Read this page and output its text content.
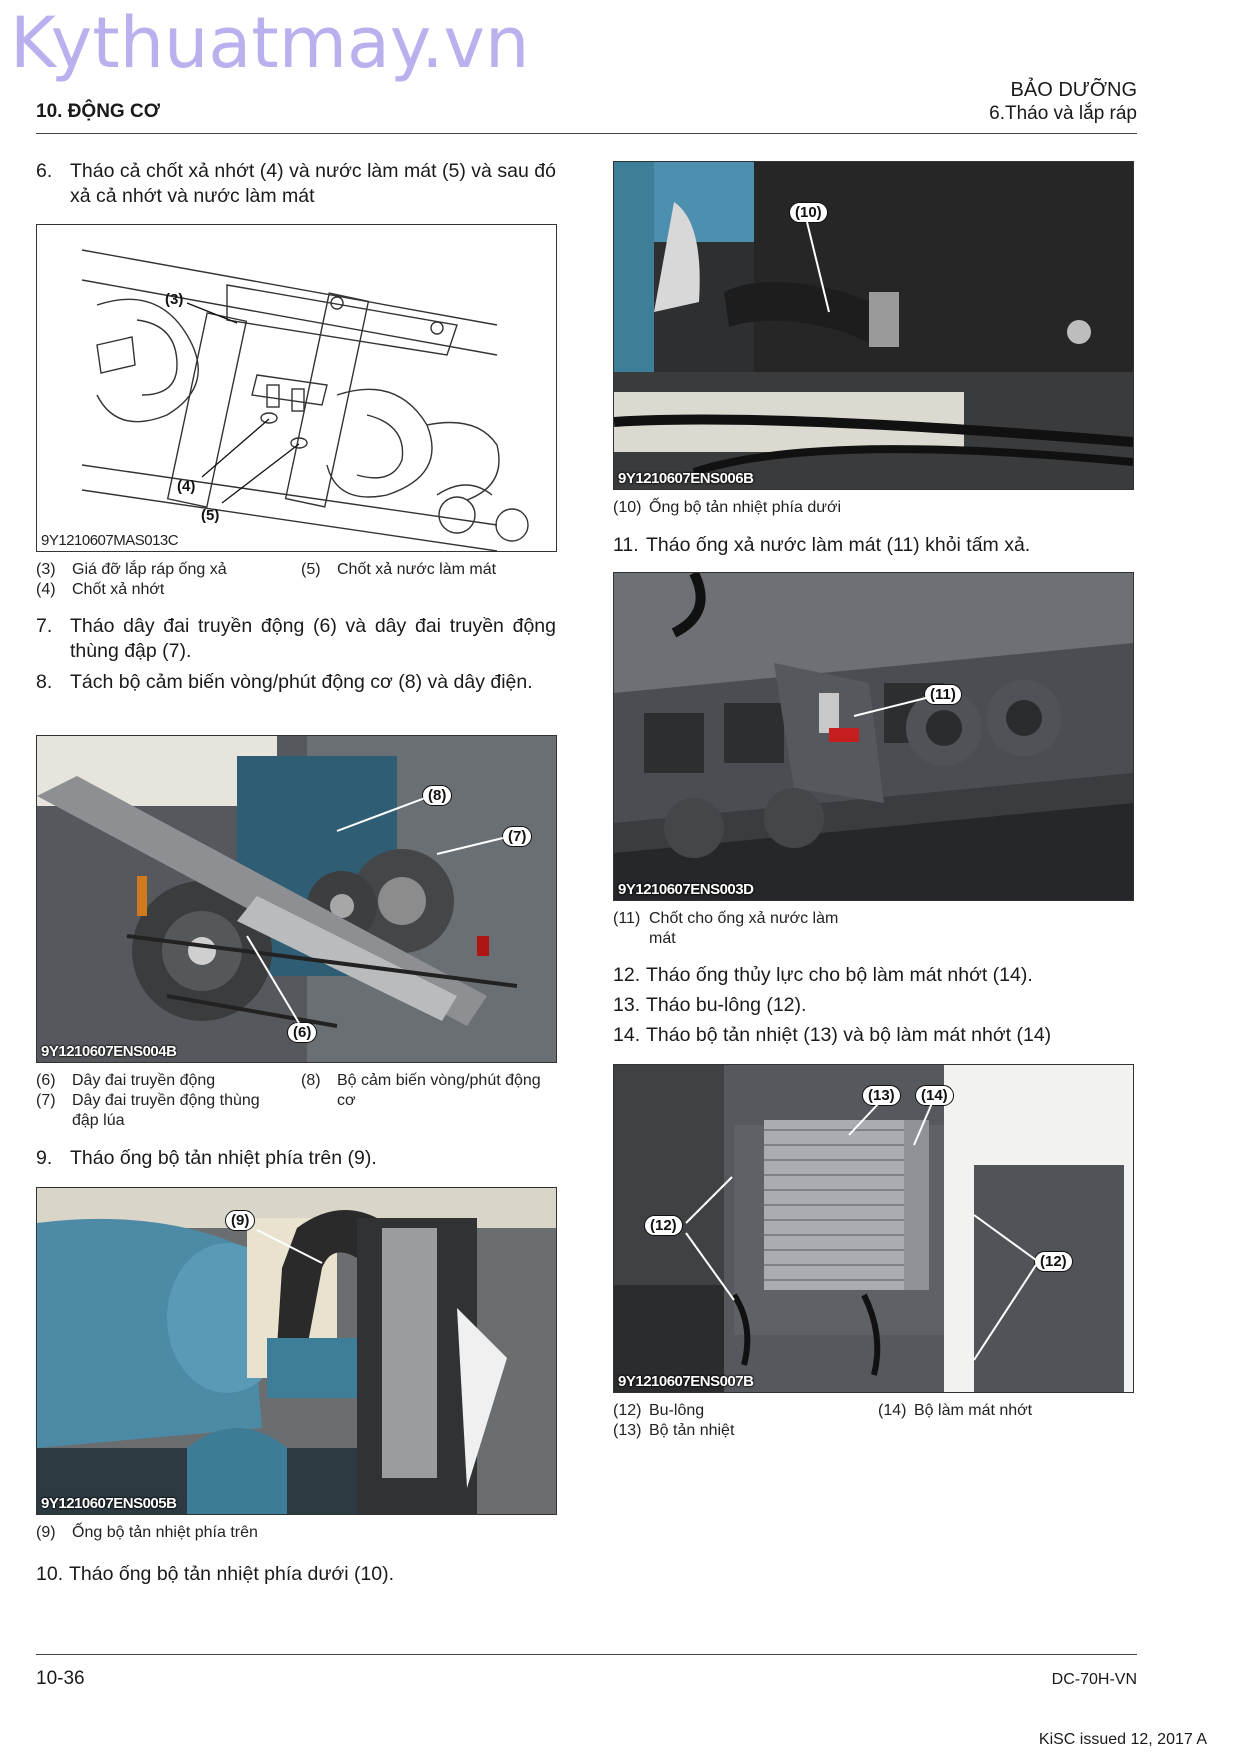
Kythuatmay.vn
10. ĐỘNG CƠ
BẢO DƯỠNG
6.Tháo và lắp ráp
6. Tháo cả chốt xả nhớt (4) và nước làm mát (5) và sau đó xả cả nhớt và nước làm mát
(3)
(4)
(5)
9Y1210607MAS013C
(3) Giá đỡ lắp ráp ống xả
(4) Chốt xả nhớt
(5) Chốt xả nước làm mát
7. Tháo dây đai truyền động (6) và dây đai truyền động thùng đập (7).
8. Tách bộ cảm biến vòng/phút động cơ (8) và dây điện.
(8)
(7)
(6)
9Y1210607ENS004B
(6) Dây đai truyền động
(7)	Dây đai truyền động thùng đập lúa
(8)	Bộ cảm biến vòng/phút động cơ
9. Tháo ống bộ tản nhiệt phía trên (9).
(9)
9Y1210607ENS005B
(9) Ống bộ tản nhiệt phía trên
10. Tháo ống bộ tản nhiệt phía dưới (10).
(10)
9Y1210607ENS006B
(10) Ống bộ tản nhiệt phía dưới
11. Tháo ống xả nước làm mát (11) khỏi tấm xả.
(11)
9Y1210607ENS003D
(11) Chốt cho ống xả nước làm mát
12. Tháo ống thủy lực cho bộ làm mát nhớt (14).
13. Tháo bu-lông (12).
14. Tháo bộ tản nhiệt (13) và bộ làm mát nhớt (14)
(13)	(14)
(12)
(12)
9Y1210607ENS007B
(12) Bu-lông
(13) Bộ tản nhiệt
(14) Bộ làm mát nhớt
10-36	DC-70H-VN
KiSC issued 12, 2017 A
